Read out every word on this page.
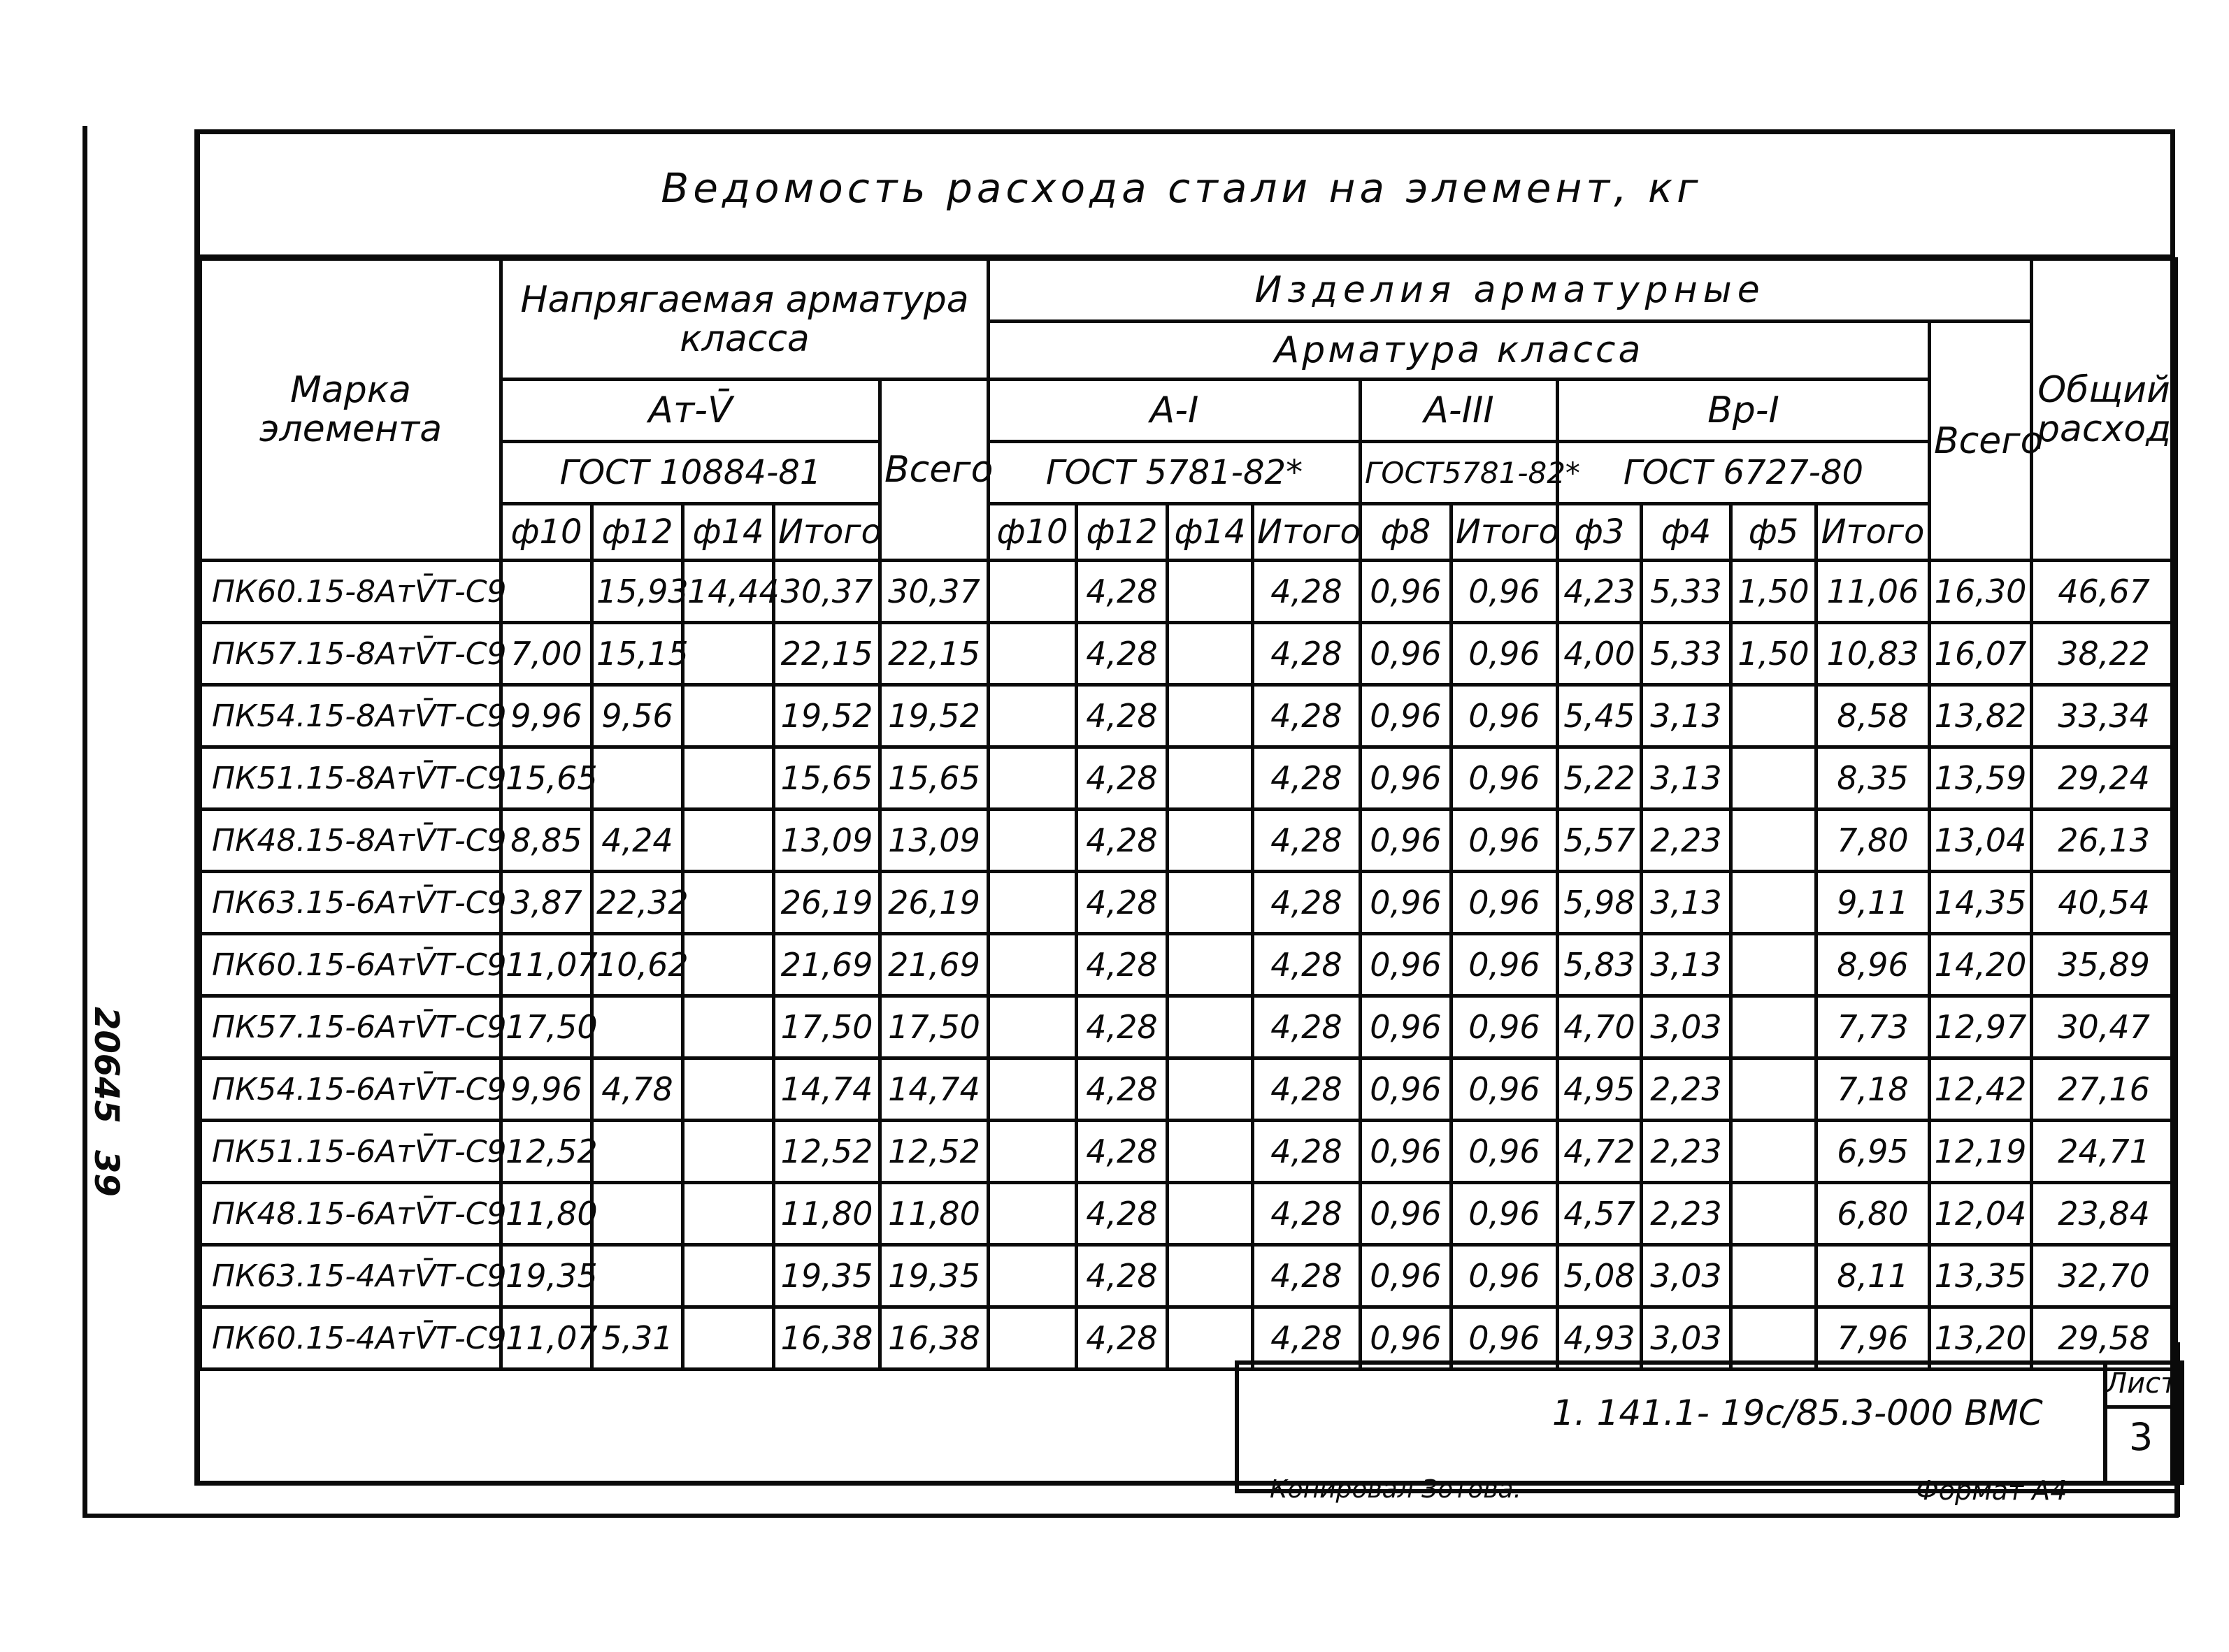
Ведомость расхода стали на элемент, кг
Марка элемента	Напрягаемая арматура класса					Изделия арматурные											Общий расход
						Арматура класса										Всего	
	Ат-V̄				Всего	А-I				А-III		Вр-I					
	ГОСТ 10884-81					ГОСТ 5781-82*				ГОСТ5781-82*		ГОСТ 6727-80					
	ф10	ф12	ф14	Итого		ф10	ф12	ф14	Итого	ф8	Итого	ф3	ф4	ф5	Итого		
ПК60.15-8АтV̄Т-С9		15,93	14,44	30,37	30,37		4,28		4,28	0,96	0,96	4,23	5,33	1,50	11,06	16,30	46,67
ПК57.15-8АтV̄Т-С9	7,00	15,15		22,15	22,15		4,28		4,28	0,96	0,96	4,00	5,33	1,50	10,83	16,07	38,22
ПК54.15-8АтV̄Т-С9	9,96	9,56		19,52	19,52		4,28		4,28	0,96	0,96	5,45	3,13		8,58	13,82	33,34
ПК51.15-8АтV̄Т-С9	15,65			15,65	15,65		4,28		4,28	0,96	0,96	5,22	3,13		8,35	13,59	29,24
ПК48.15-8АтV̄Т-С9	8,85	4,24		13,09	13,09		4,28		4,28	0,96	0,96	5,57	2,23		7,80	13,04	26,13
ПК63.15-6АтV̄Т-С9	3,87	22,32		26,19	26,19		4,28		4,28	0,96	0,96	5,98	3,13		9,11	14,35	40,54
ПК60.15-6АтV̄Т-С9	11,07	10,62		21,69	21,69		4,28		4,28	0,96	0,96	5,83	3,13		8,96	14,20	35,89
ПК57.15-6АтV̄Т-С9	17,50			17,50	17,50		4,28		4,28	0,96	0,96	4,70	3,03		7,73	12,97	30,47
ПК54.15-6АтV̄Т-С9	9,96	4,78		14,74	14,74		4,28		4,28	0,96	0,96	4,95	2,23		7,18	12,42	27,16
ПК51.15-6АтV̄Т-С9	12,52			12,52	12,52		4,28		4,28	0,96	0,96	4,72	2,23		6,95	12,19	24,71
ПК48.15-6АтV̄Т-С9	11,80			11,80	11,80		4,28		4,28	0,96	0,96	4,57	2,23		6,80	12,04	23,84
ПК63.15-4АтV̄Т-С9	19,35			19,35	19,35		4,28		4,28	0,96	0,96	5,08	3,03		8,11	13,35	32,70
ПК60.15-4АтV̄Т-С9	11,07	5,31		16,38	16,38		4,28		4,28	0,96	0,96	4,93	3,03		7,96	13,20	29,58
1. 141.1- 19с/85.3-000 ВМС
Лист
3
Копировал Зотова.	Формат А4
20645
39
